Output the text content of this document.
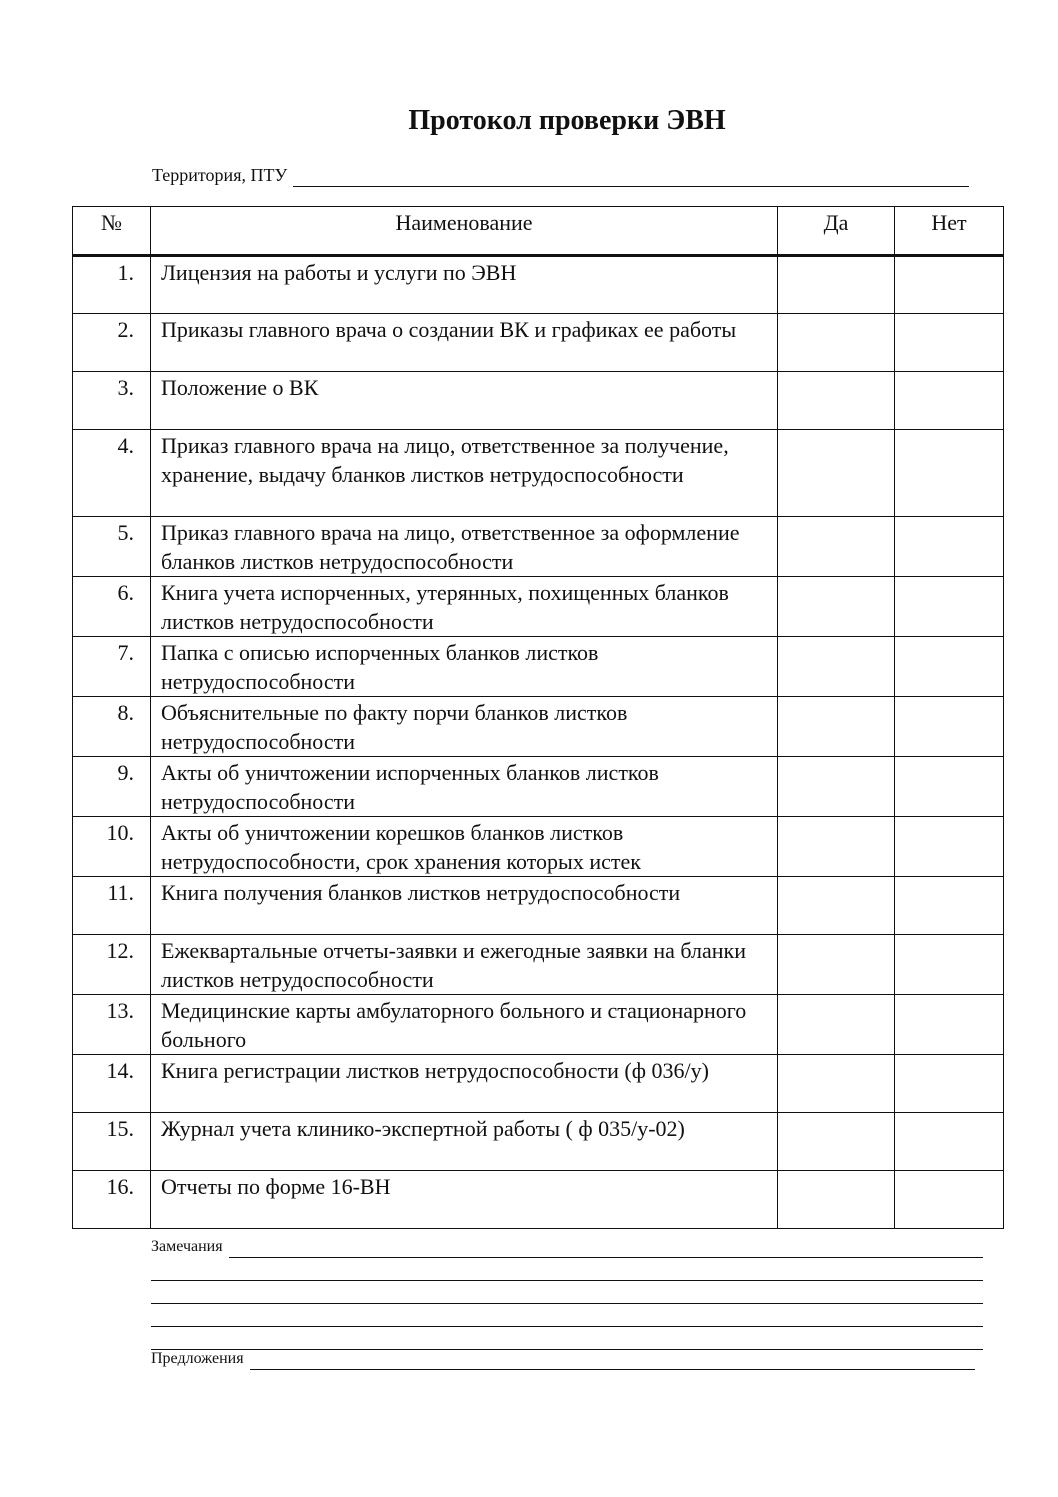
Протокол проверки ЭВН
Территория, ПТУ
№	Наименование	Да	Нет
1.	Лицензия на работы и услуги по ЭВН		
2.	Приказы главного врача о создании ВК и графиках ее работы		
3.	Положение о ВК		
4.	Приказ главного врача на лицо, ответственное за получение, хранение, выдачу бланков листков нетрудоспособности		
5.	Приказ главного врача на лицо, ответственное за оформление бланков листков нетрудоспособности		
6.	Книга учета испорченных, утерянных, похищенных бланков листков нетрудоспособности		
7.	Папка с описью испорченных бланков листков нетрудоспособности		
8.	Объяснительные по факту порчи бланков листков нетрудоспособности		
9.	Акты об уничтожении испорченных бланков листков нетрудоспособности		
10.	Акты об уничтожении корешков бланков листков нетрудоспособности, срок хранения которых истек		
11.	Книга получения бланков листков нетрудоспособности		
12.	Ежеквартальные отчеты-заявки и ежегодные заявки на бланки листков нетрудоспособности		
13.	Медицинские карты амбулаторного больного и стационарного больного		
14.	Книга регистрации листков нетрудоспособности (ф 036/у)		
15.	Журнал учета клинико-экспертной работы ( ф 035/у-02)		
16.	Отчеты по форме 16-ВН		
Замечания
Предложения
